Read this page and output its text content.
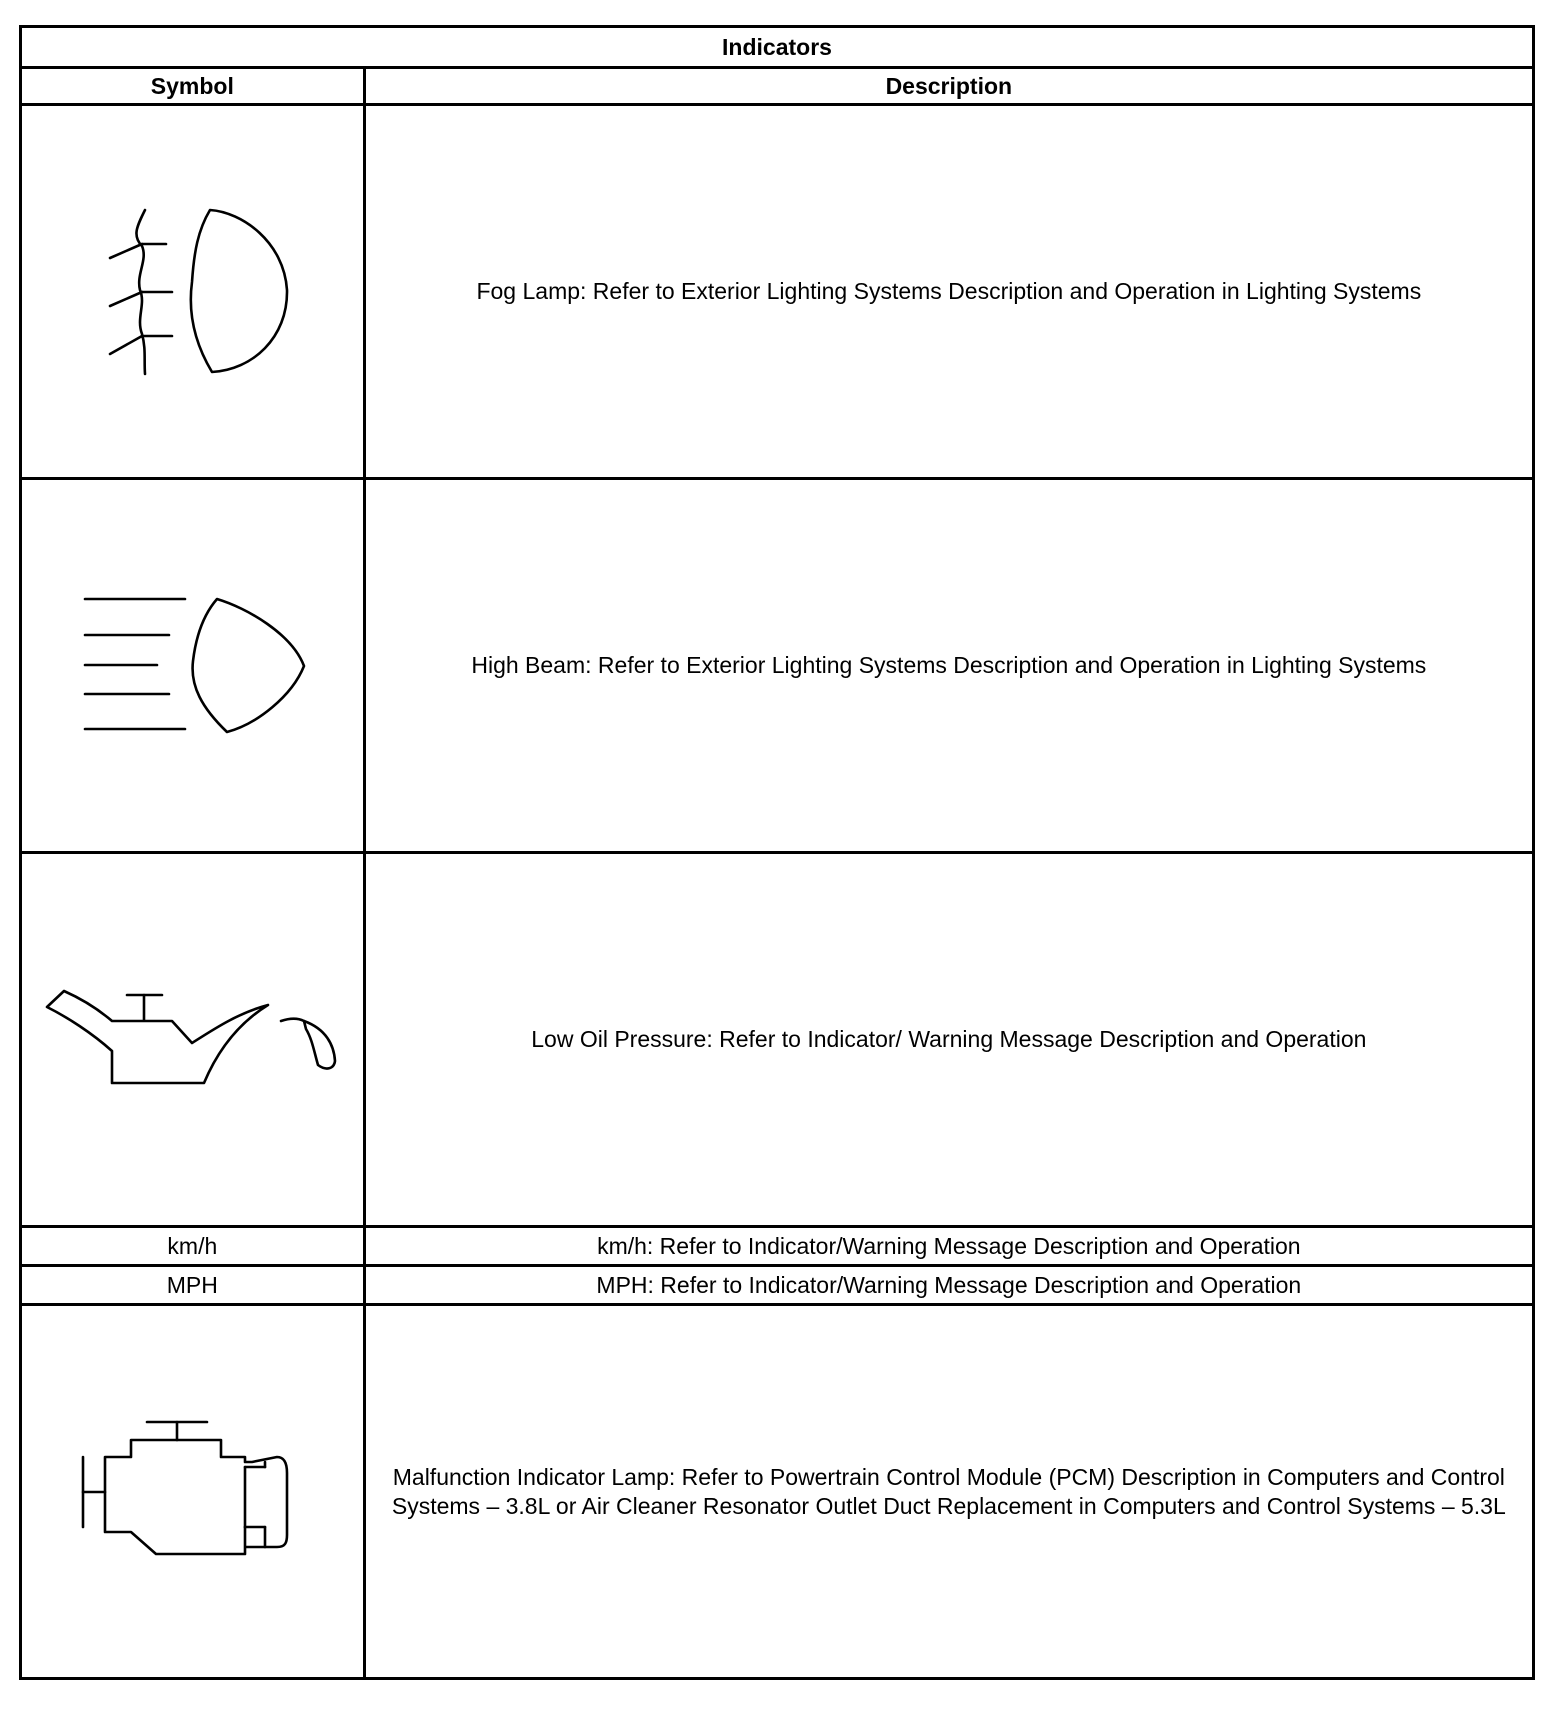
Indicators	
Symbol	Description

	Fog Lamp: Refer to Exterior Lighting Systems Description and Operation in Lighting Systems

	High Beam: Refer to Exterior Lighting Systems Description and Operation in Lighting Systems

	Low Oil Pressure: Refer to Indicator/ Warning Message Description and Operation
km/h	km/h: Refer to Indicator/Warning Message Description and Operation
MPH	MPH: Refer to Indicator/Warning Message Description and Operation

	Malfunction Indicator Lamp: Refer to Powertrain Control Module (PCM) Description in Computers and Control Systems – 3.8L or Air Cleaner Resonator Outlet Duct Replacement in Computers and Control Systems – 5.3L
